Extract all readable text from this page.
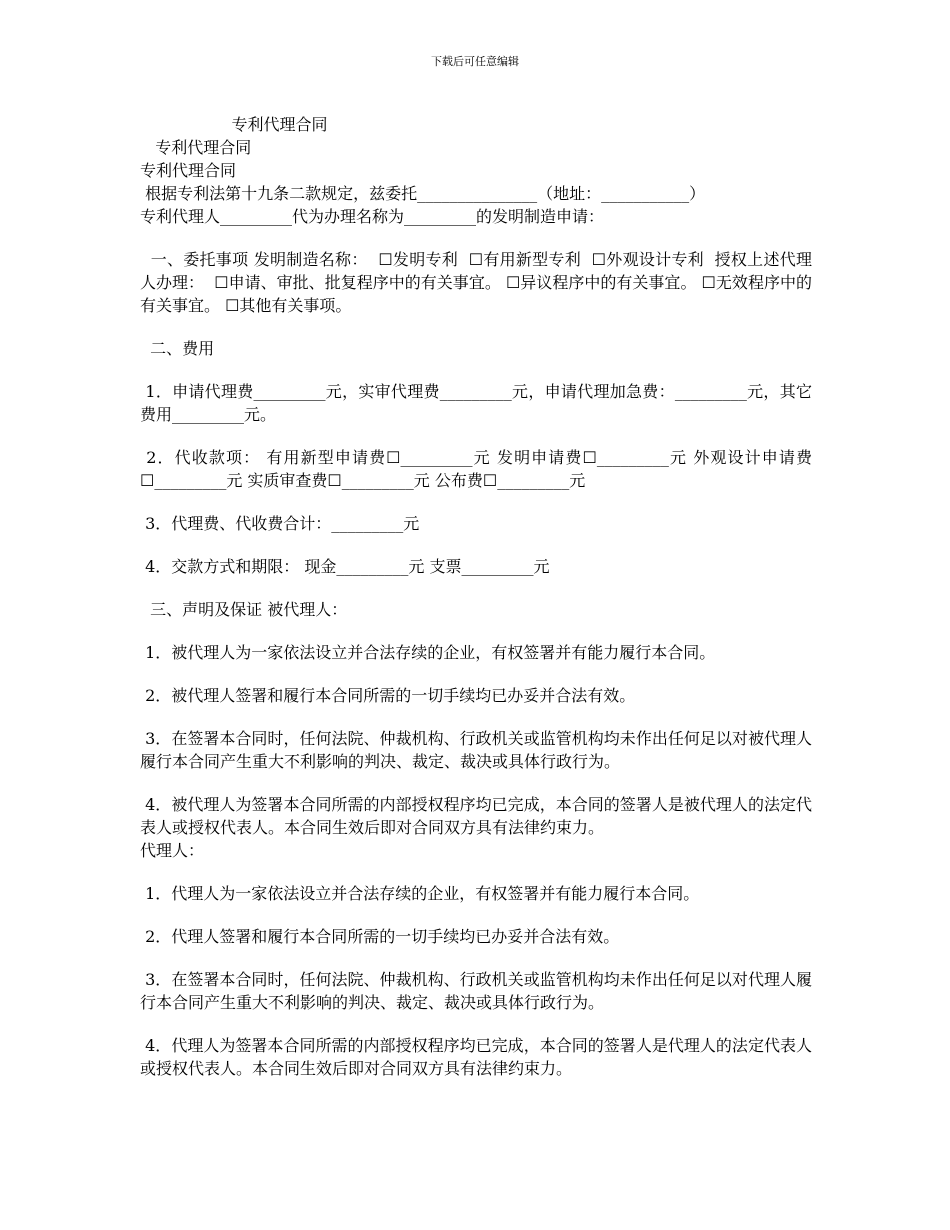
下载后可任意编辑

专利代理合同

专利代理合同

专利代理合同

根据专利法第十九条二款规定，兹委托_______________（地址：___________）

专利代理人_________代为办理名称为_________的发明制造申请：

一、委托事项 发明制造名称：  ☐发明专利  ☐有用新型专利  ☐外观设计专利  授权上述代理人办理：  ☐申请、审批、批复程序中的有关事宜。 ☐异议程序中的有关事宜。 ☐无效程序中的有关事宜。 ☐其他有关事项。

二、费用

1．申请代理费_________元，实审代理费_________元，申请代理加急费：_________元，其它费用_________元。

2．代收款项： 有用新型申请费☐_________元 发明申请费☐_________元 外观设计申请费☐_________元 实质审查费☐_________元 公布费☐_________元

3．代理费、代收费合计：_________元

4．交款方式和期限： 现金_________元 支票_________元

三、声明及保证 被代理人：

1．被代理人为一家依法设立并合法存续的企业，有权签署并有能力履行本合同。

2．被代理人签署和履行本合同所需的一切手续均已办妥并合法有效。

3．在签署本合同时，任何法院、仲裁机构、行政机关或监管机构均未作出任何足以对被代理人履行本合同产生重大不利影响的判决、裁定、裁决或具体行政行为。

4．被代理人为签署本合同所需的内部授权程序均已完成，本合同的签署人是被代理人的法定代表人或授权代表人。本合同生效后即对合同双方具有法律约束力。

代理人：

1．代理人为一家依法设立并合法存续的企业，有权签署并有能力履行本合同。

2．代理人签署和履行本合同所需的一切手续均已办妥并合法有效。

3．在签署本合同时，任何法院、仲裁机构、行政机关或监管机构均未作出任何足以对代理人履行本合同产生重大不利影响的判决、裁定、裁决或具体行政行为。

4．代理人为签署本合同所需的内部授权程序均已完成，本合同的签署人是代理人的法定代表人或授权代表人。本合同生效后即对合同双方具有法律约束力。
